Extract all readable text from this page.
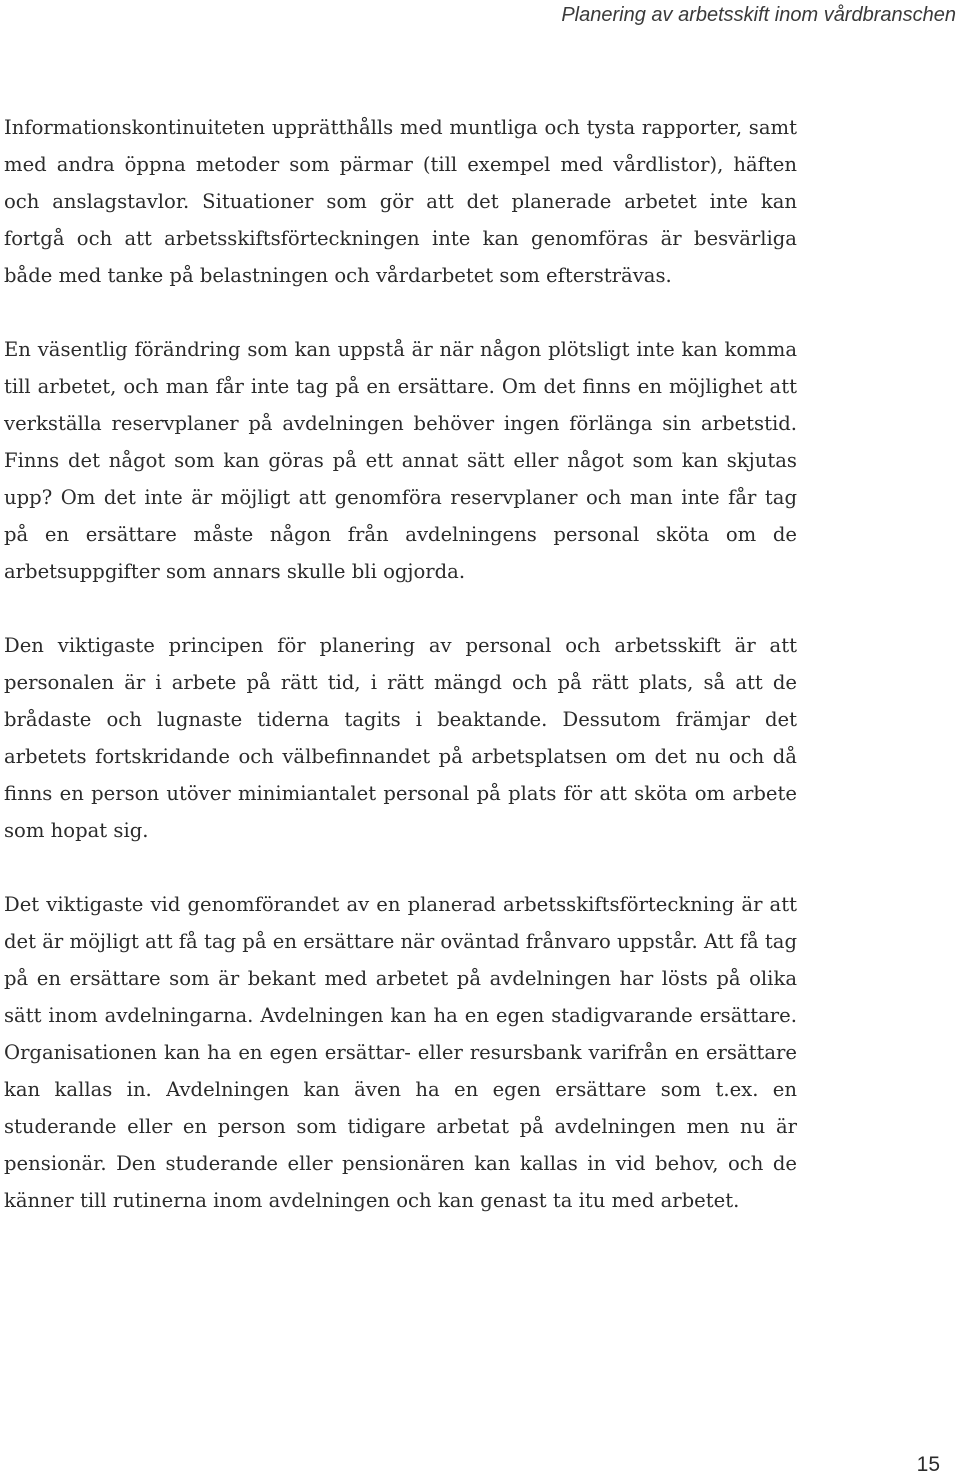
Planering av arbetsskift inom vårdbranschen

Informationskontinuiteten upprätthålls med muntliga och tysta rapporter, samt med andra öppna metoder som pärmar (till exempel med vårdlistor), häften och anslagstavlor. Situationer som gör att det planerade arbetet inte kan fortgå och att arbetsskiftsförteckningen inte kan genomföras är besvärliga både med tanke på belastningen och vårdarbetet som eftersträvas.

En väsentlig förändring som kan uppstå är när någon plötsligt inte kan komma till arbetet, och man får inte tag på en ersättare. Om det finns en möjlighet att verkställa reservplaner på avdelningen behöver ingen förlänga sin arbetstid. Finns det något som kan göras på ett annat sätt eller något som kan skjutas upp? Om det inte är möjligt att genomföra reservplaner och man inte får tag på en ersättare måste någon från avdelningens personal sköta om de arbetsuppgifter som annars skulle bli ogjorda.

Den viktigaste principen för planering av personal och arbetsskift är att personalen är i arbete på rätt tid, i rätt mängd och på rätt plats, så att de brådaste och lugnaste tiderna tagits i beaktande. Dessutom främjar det arbetets fortskridande och välbefinnandet på arbetsplatsen om det nu och då finns en person utöver minimiantalet personal på plats för att sköta om arbete som hopat sig.

Det viktigaste vid genomförandet av en planerad arbetsskiftsförteckning är att det är möjligt att få tag på en ersättare när oväntad frånvaro uppstår. Att få tag på en ersättare som är bekant med arbetet på avdelningen har lösts på olika sätt inom avdelningarna. Avdelningen kan ha en egen stadigvarande ersättare. Organisationen kan ha en egen ersättar- eller resursbank varifrån en ersättare kan kallas in. Avdelningen kan även ha en egen ersättare som t.ex. en studerande eller en person som tidigare arbetat på avdelningen men nu är pensionär. Den studerande eller pensionären kan kallas in vid behov, och de känner till rutinerna inom avdelningen och kan genast ta itu med arbetet.

15
